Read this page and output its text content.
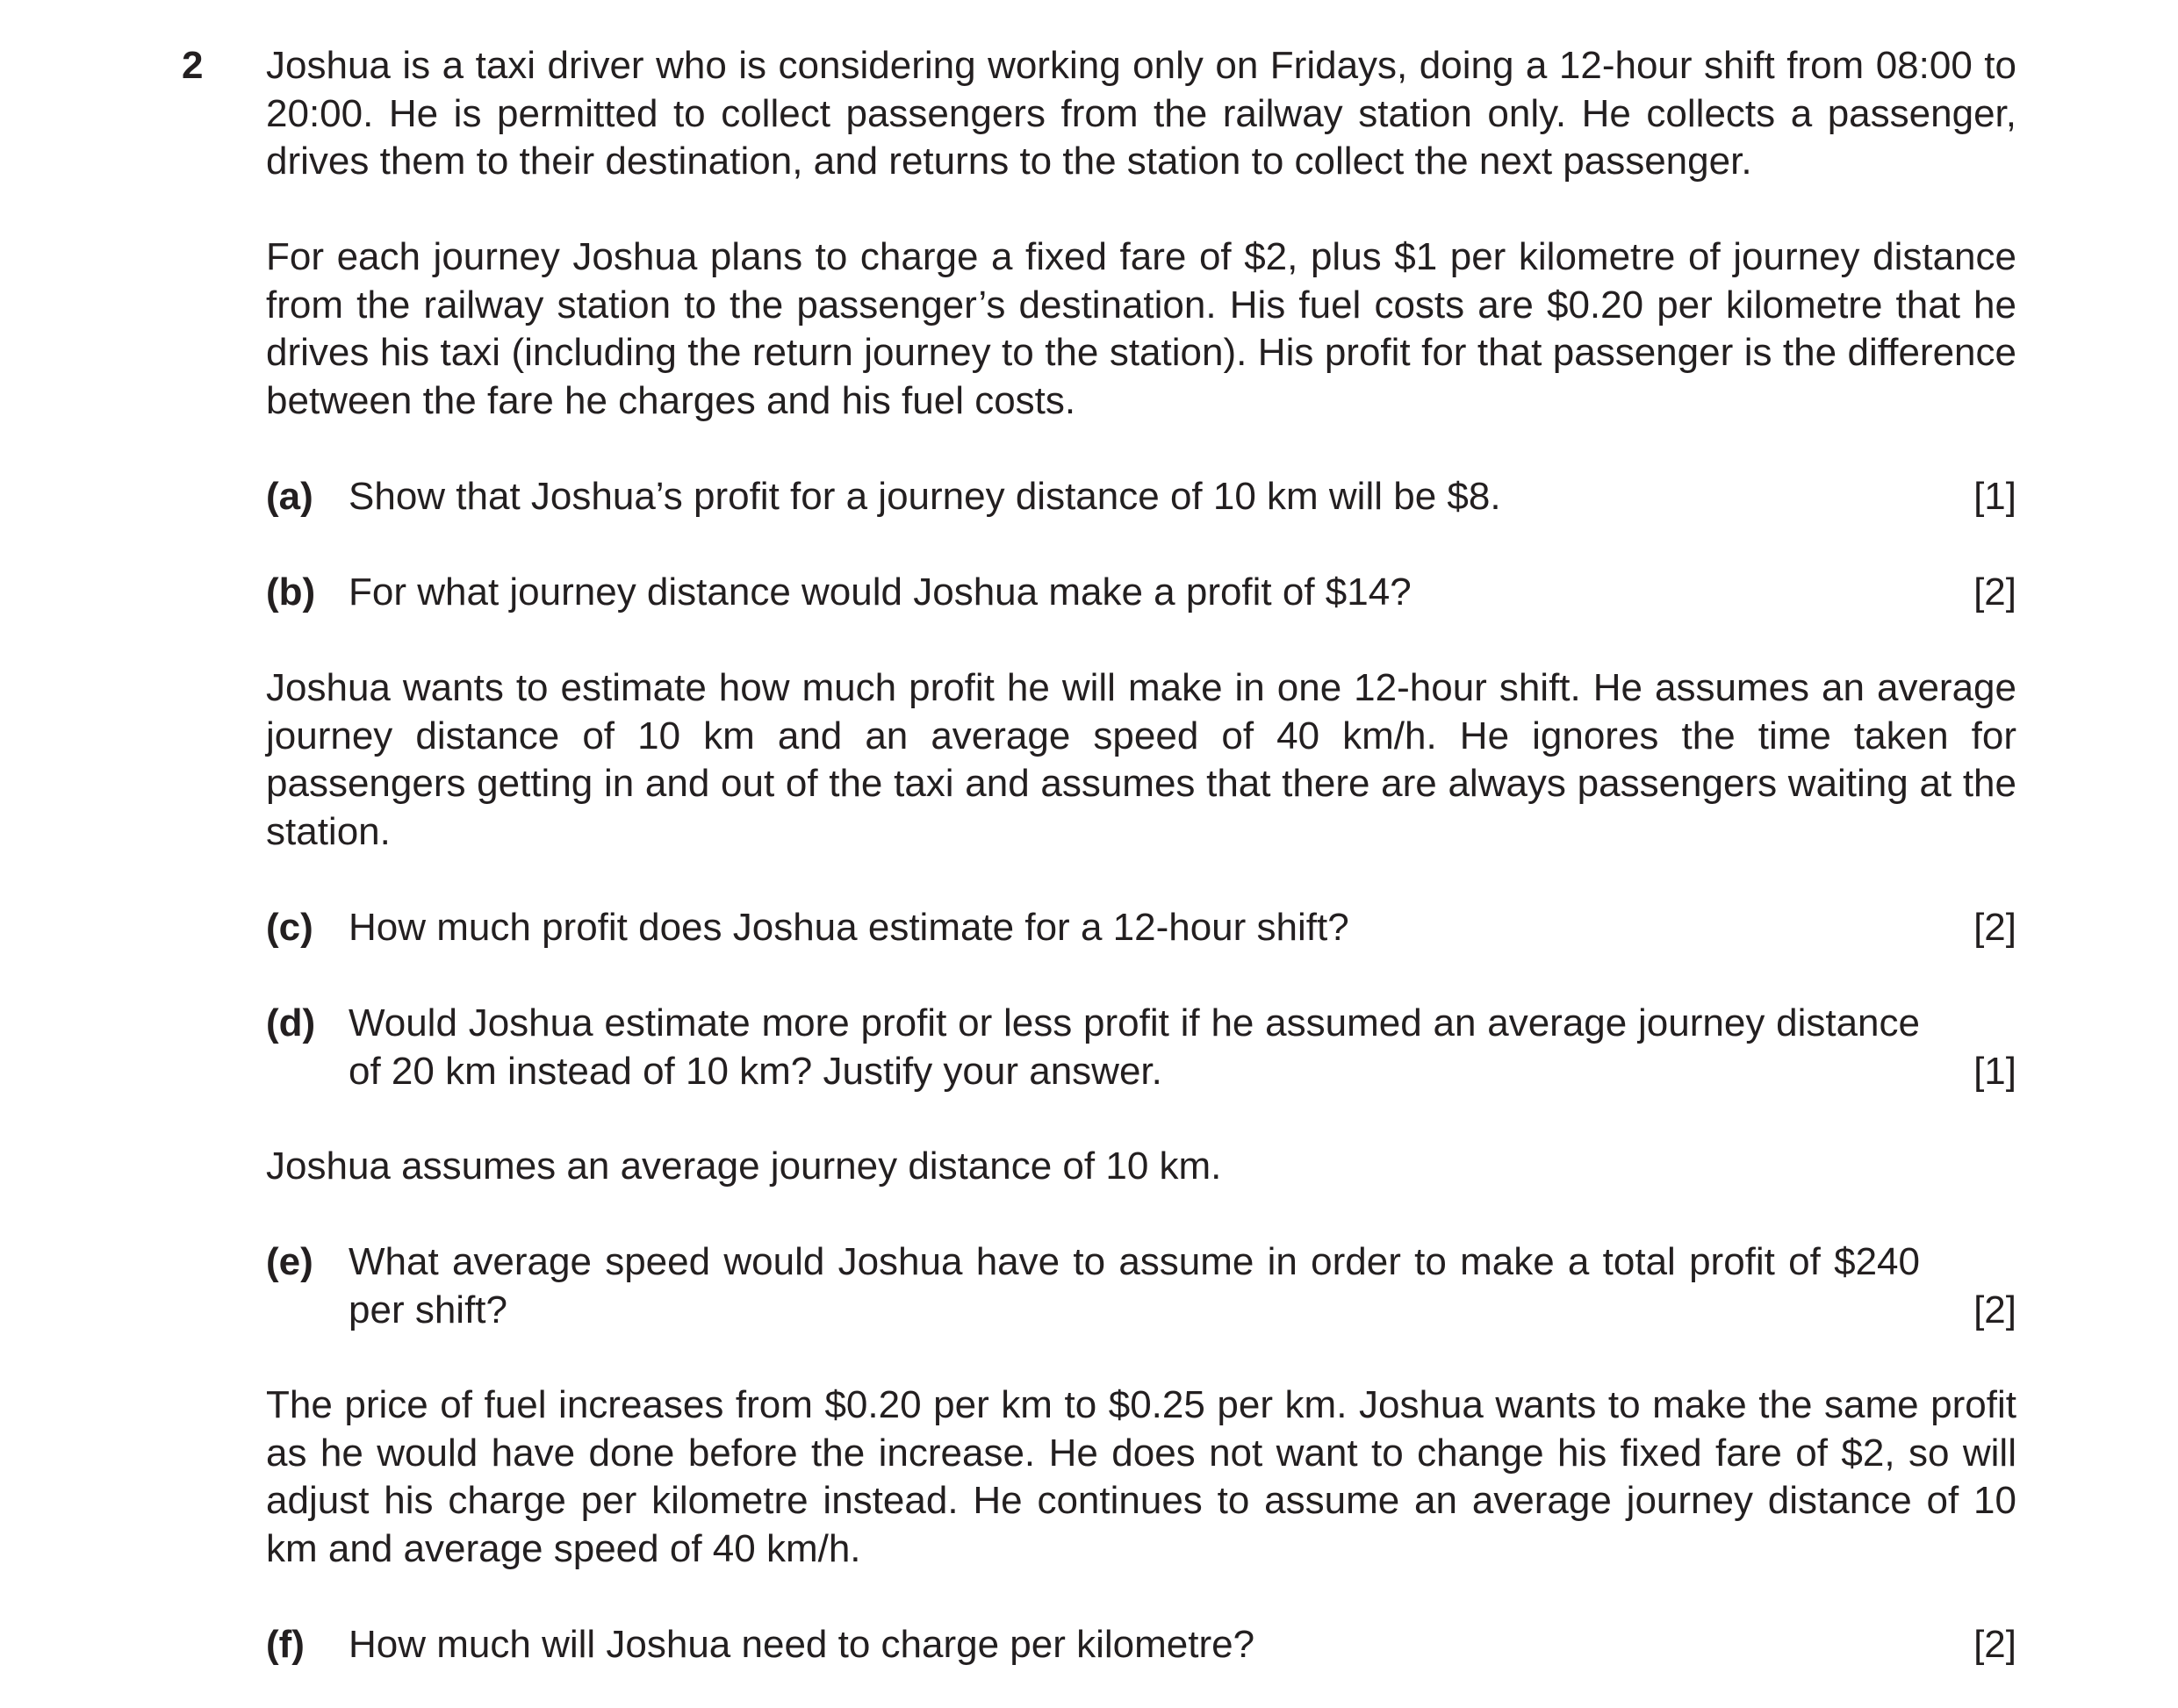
2 Joshua is a taxi driver who is considering working only on Fridays, doing a 12-hour shift from 08:00 to 20:00. He is permitted to collect passengers from the railway station only. He collects a passenger, drives them to their destination, and returns to the station to collect the next passenger.

For each journey Joshua plans to charge a fixed fare of $2, plus $1 per kilometre of journey distance from the railway station to the passenger’s destination. His fuel costs are $0.20 per kilometre that he drives his taxi (including the return journey to the station). His profit for that passenger is the difference between the fare he charges and his fuel costs.

(a) Show that Joshua’s profit for a journey distance of 10 km will be $8.	[1]
(b) For what journey distance would Joshua make a profit of $14?	[2]

Joshua wants to estimate how much profit he will make in one 12-hour shift. He assumes an average journey distance of 10 km and an average speed of 40 km/h. He ignores the time taken for passengers getting in and out of the taxi and assumes that there are always passengers waiting at the station.

(c) How much profit does Joshua estimate for a 12-hour shift?	[2]
(d) Would Joshua estimate more profit or less profit if he assumed an average journey distance of 20 km instead of 10 km? Justify your answer.	[1]

Joshua assumes an average journey distance of 10 km.

(e) What average speed would Joshua have to assume in order to make a total profit of $240 per shift?	[2]

The price of fuel increases from $0.20 per km to $0.25 per km. Joshua wants to make the same profit as he would have done before the increase. He does not want to change his fixed fare of $2, so will adjust his charge per kilometre instead. He continues to assume an average journey distance of 10 km and average speed of 40 km/h.

(f) How much will Joshua need to charge per kilometre?	[2]
